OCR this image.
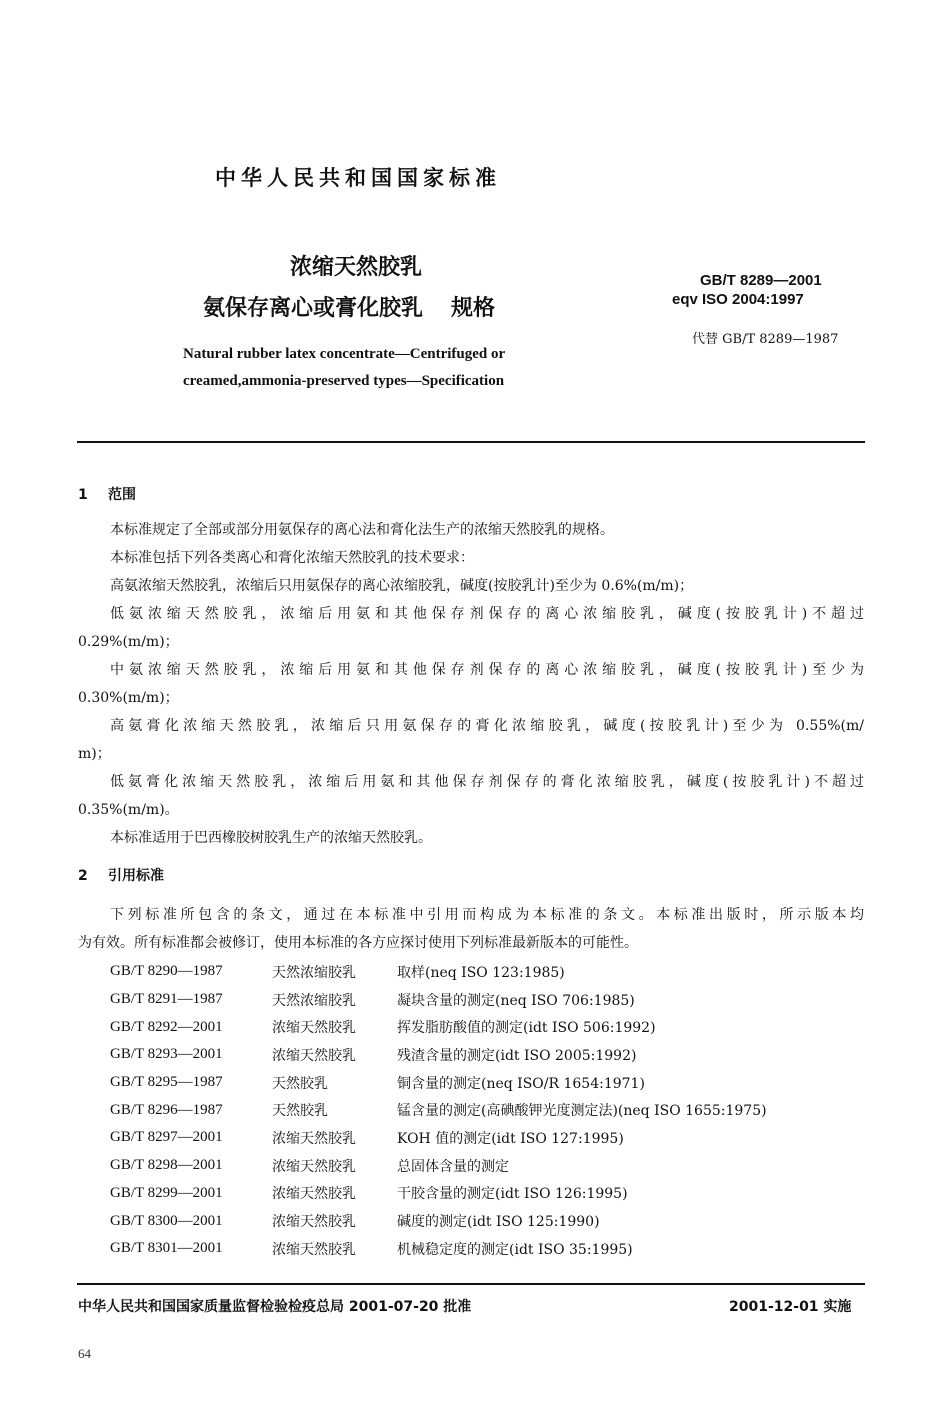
中华人民共和国国家标准
浓缩天然胶乳
氨保存离心或膏化胶乳 规格
GB/T 8289—2001
eqv ISO 2004:1997
代替 GB/T 8289—1987
Natural rubber latex concentrate—Centrifuged or
creamed,ammonia-preserved types—Specification
1 范围
本标准规定了全部或部分用氨保存的离心法和膏化法生产的浓缩天然胶乳的规格。
本标准包括下列各类离心和膏化浓缩天然胶乳的技术要求：
高氨浓缩天然胶乳，浓缩后只用氨保存的离心浓缩胶乳，碱度(按胶乳计)至少为 0.6%(m/m)；
低氨浓缩天然胶乳，浓缩后用氨和其他保存剂保存的离心浓缩胶乳，碱度(按胶乳计)不超过
0.29%(m/m)；
中氨浓缩天然胶乳，浓缩后用氨和其他保存剂保存的离心浓缩胶乳，碱度(按胶乳计)至少为
0.30%(m/m)；
高氨膏化浓缩天然胶乳，浓缩后只用氨保存的膏化浓缩胶乳，碱度(按胶乳计)至少为 0.55%(m/
m)；
低氨膏化浓缩天然胶乳，浓缩后用氨和其他保存剂保存的膏化浓缩胶乳，碱度(按胶乳计)不超过
0.35%(m/m)。
本标准适用于巴西橡胶树胶乳生产的浓缩天然胶乳。
2 引用标准
下列标准所包含的条文，通过在本标准中引用而构成为本标准的条文。本标准出版时，所示版本均
为有效。所有标准都会被修订，使用本标准的各方应探讨使用下列标准最新版本的可能性。
GB/T 8290—1987	天然浓缩胶乳	取样(neq ISO 123:1985)
GB/T 8291—1987	天然浓缩胶乳	凝块含量的测定(neq ISO 706:1985)
GB/T 8292—2001	浓缩天然胶乳	挥发脂肪酸值的测定(idt ISO 506:1992)
GB/T 8293—2001	浓缩天然胶乳	残渣含量的测定(idt ISO 2005:1992)
GB/T 8295—1987	天然胶乳	铜含量的测定(neq ISO/R 1654:1971)
GB/T 8296—1987	天然胶乳	锰含量的测定(高碘酸钾光度测定法)(neq ISO 1655:1975)
GB/T 8297—2001	浓缩天然胶乳	KOH 值的测定(idt ISO 127:1995)
GB/T 8298—2001	浓缩天然胶乳	总固体含量的测定
GB/T 8299—2001	浓缩天然胶乳	干胶含量的测定(idt ISO 126:1995)
GB/T 8300—2001	浓缩天然胶乳	碱度的测定(idt ISO 125:1990)
GB/T 8301—2001	浓缩天然胶乳	机械稳定度的测定(idt ISO 35:1995)
中华人民共和国国家质量监督检验检疫总局 2001-07-20 批准	2001-12-01 实施
64
